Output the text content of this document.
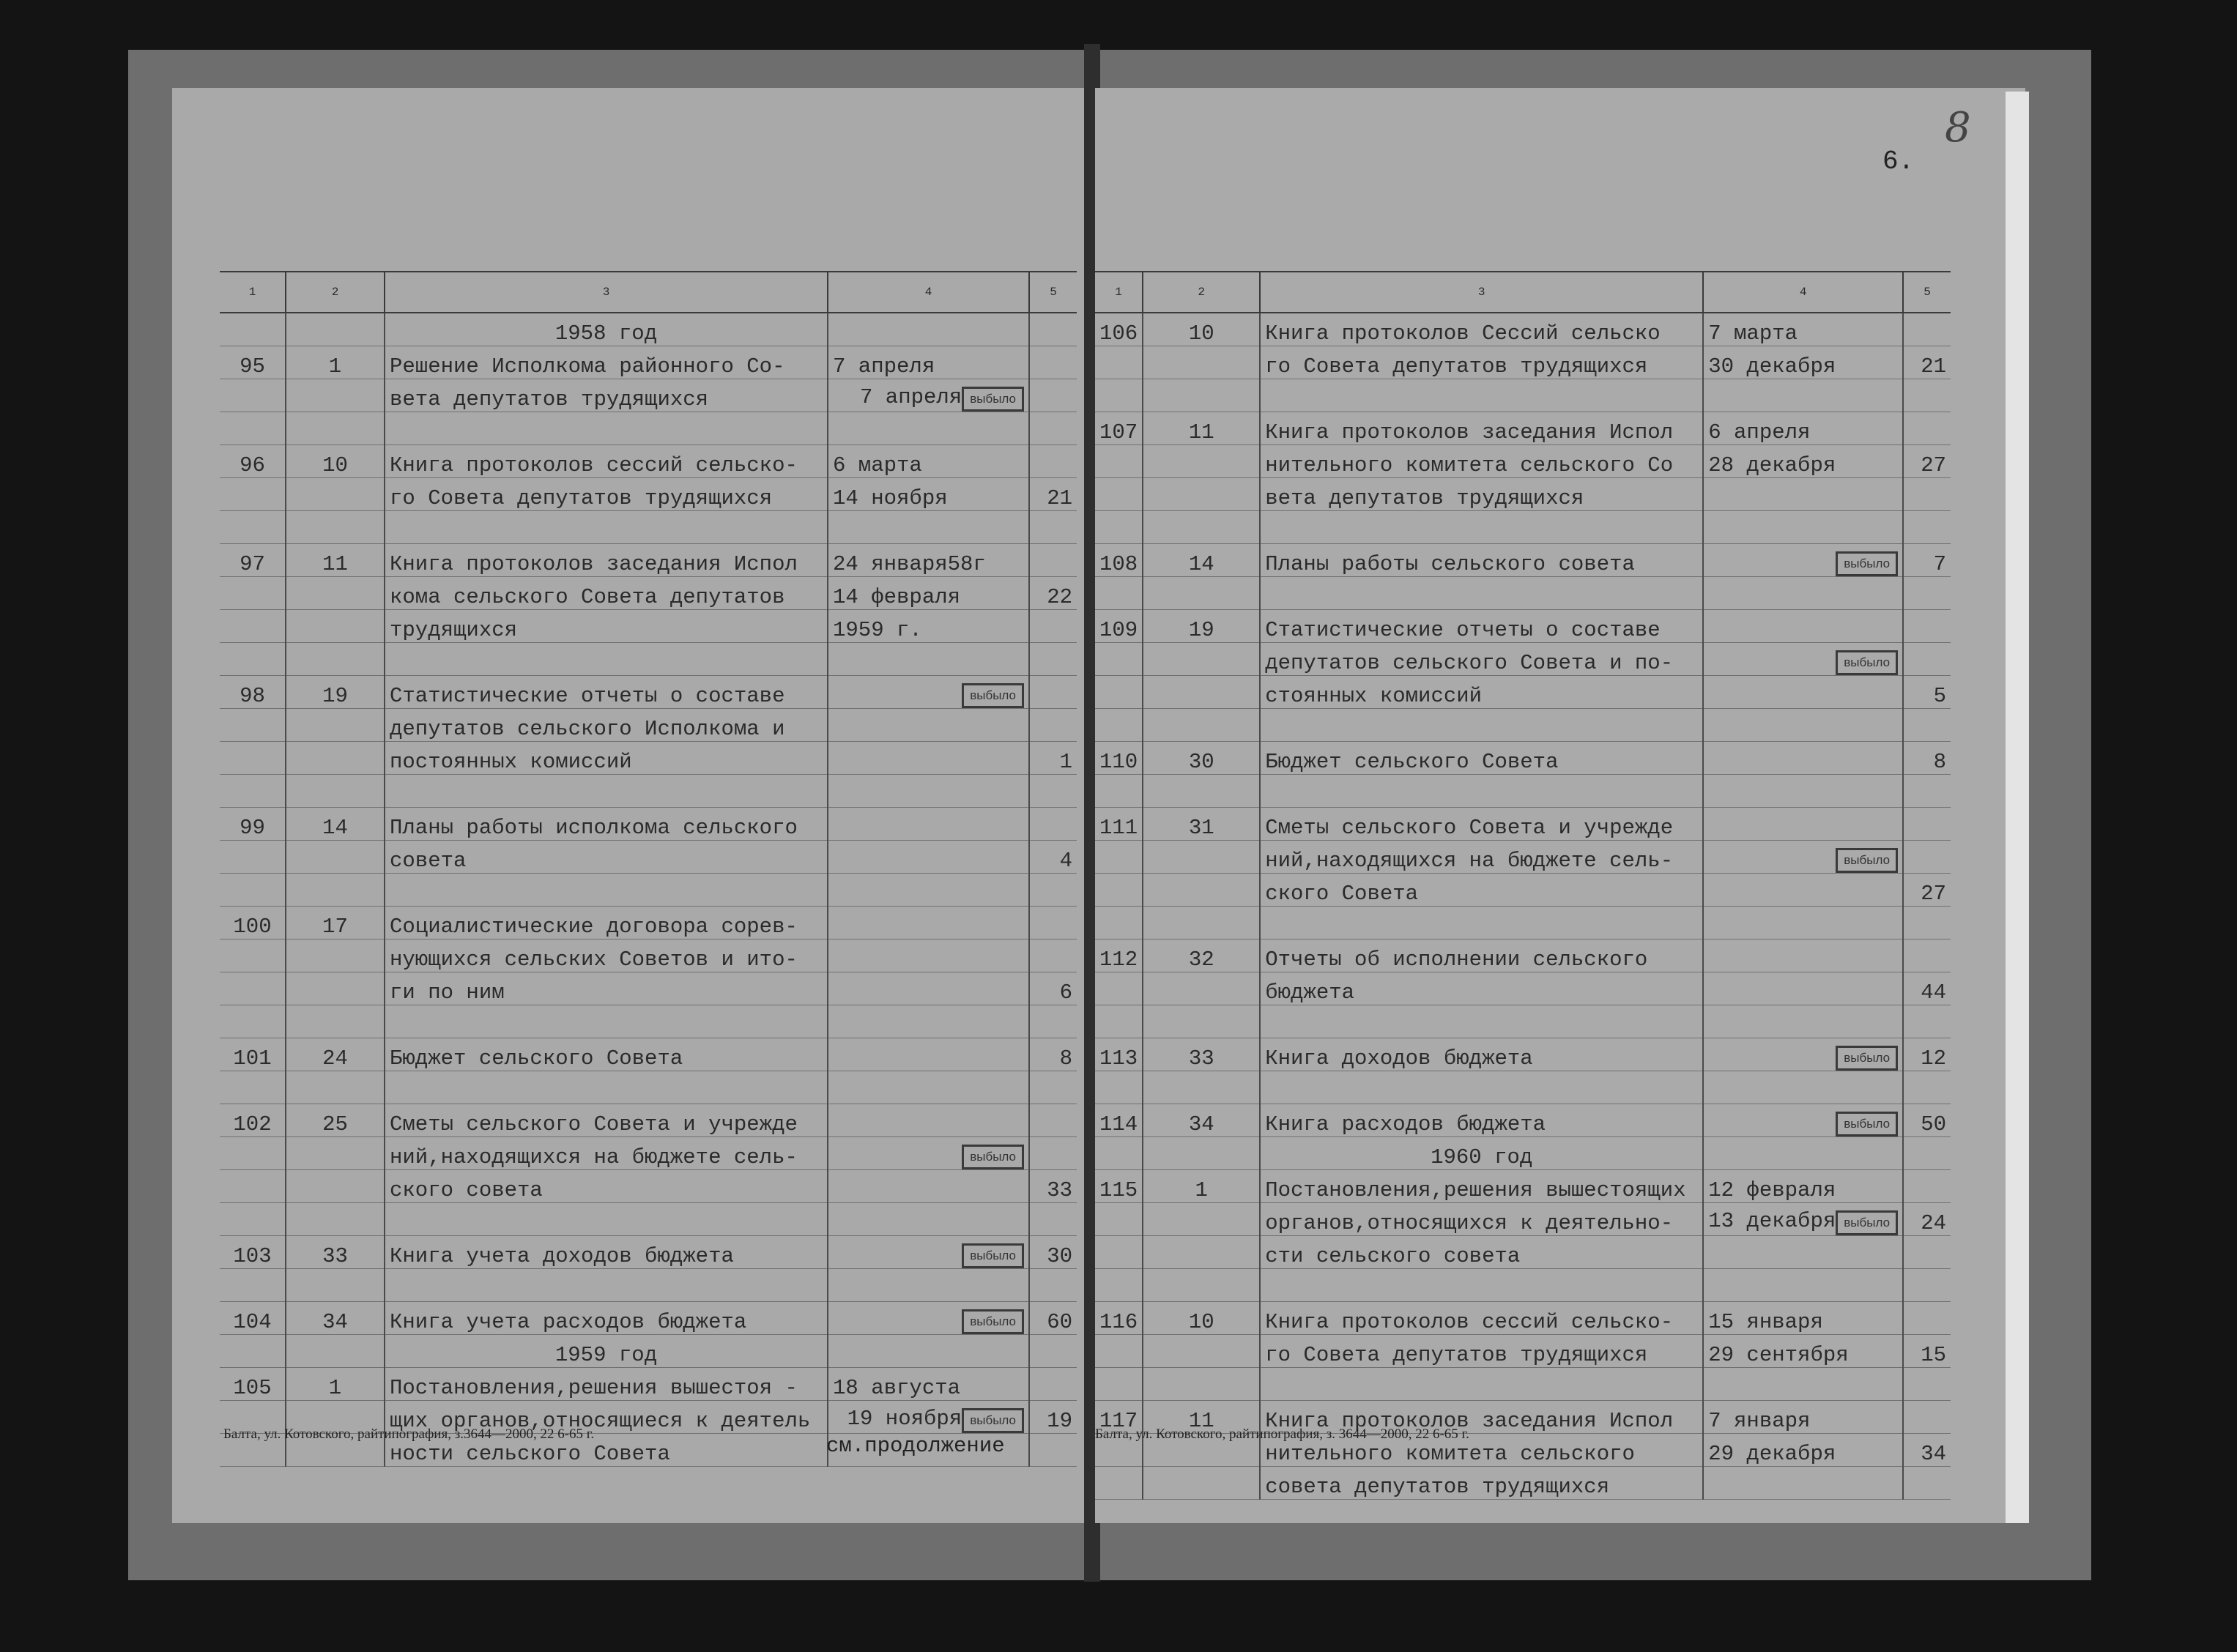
1	2	3	4	5
		1958 год		
95	1	Решение Исполкома районного Со-	7 апреля	
		вета депутатов трудящихся	7 апреля выбыло	

96	10	Книга протоколов сессий сельско-	6 марта	
		го Совета депутатов трудящихся	14 ноября	21

97	11	Книга протоколов заседания Испол	24 января58г	
		кома сельского Совета депутатов	14 февраля	22
		трудящихся	1959 г.	

98	19	Статистические отчеты о составе	выбыло	
		депутатов сельского Исполкома и		
		постоянных комиссий		1

99	14	Планы работы исполкома сельского		
		совета		4

100	17	Социалистические договора сорев-		
		нующихся сельских Советов и ито-		
		ги по ним		6

101	24	Бюджет сельского Совета		8

102	25	Сметы сельского Совета и учрежде		
		ний,находящихся на бюджете сель-	выбыло	
		ского совета		33

103	33	Книга учета доходов бюджета	выбыло	30

104	34	Книга учета расходов бюджета	выбыло	60
		1959 год		
105	1	Постановления,решения вышестоя -	18 августа	
		щих органов,относящиеся к деятель	19 ноября выбыло	19
		ности сельского Совета		
Балта, ул. Котовского, райтипография, з.3644—2000, 22 6-65 г.	см.продолжение
6.
8
1	2	3	4	5
106	10	Книга протоколов Сессий сельско	7 марта	
		го Совета депутатов трудящихся	30 декабря	21

107	11	Книга протоколов заседания Испол	6 апреля	
		нительного комитета сельского Со	28 декабря	27
		вета депутатов трудящихся		

108	14	Планы работы сельского совета	выбыло	7

109	19	Статистические отчеты о составе		
		депутатов сельского Совета и по-	выбыло	
		стоянных комиссий		5

110	30	Бюджет сельского Совета		8

111	31	Сметы сельского Совета и учрежде		
		ний,находящихся на бюджете сель-	выбыло	
		ского Совета		27

112	32	Отчеты об исполнении сельского		
		бюджета		44

113	33	Книга доходов бюджета	выбыло	12

114	34	Книга расходов бюджета	выбыло	50
		1960 год		
115	1	Постановления,решения вышестоящих	12 февраля	
		органов,относящихся к деятельно-	13 декабря выбыло	24
		сти сельского совета		

116	10	Книга протоколов сессий сельско-	15 января	
		го Совета депутатов трудящихся	29 сентября	15

117	11	Книга протоколов заседания Испол	7 января	
		нительного комитета сельского	29 декабря	34
		совета депутатов трудящихся		
Балта, ул. Котовского, райтипография, з. 3644—2000, 22 6-65 г.
